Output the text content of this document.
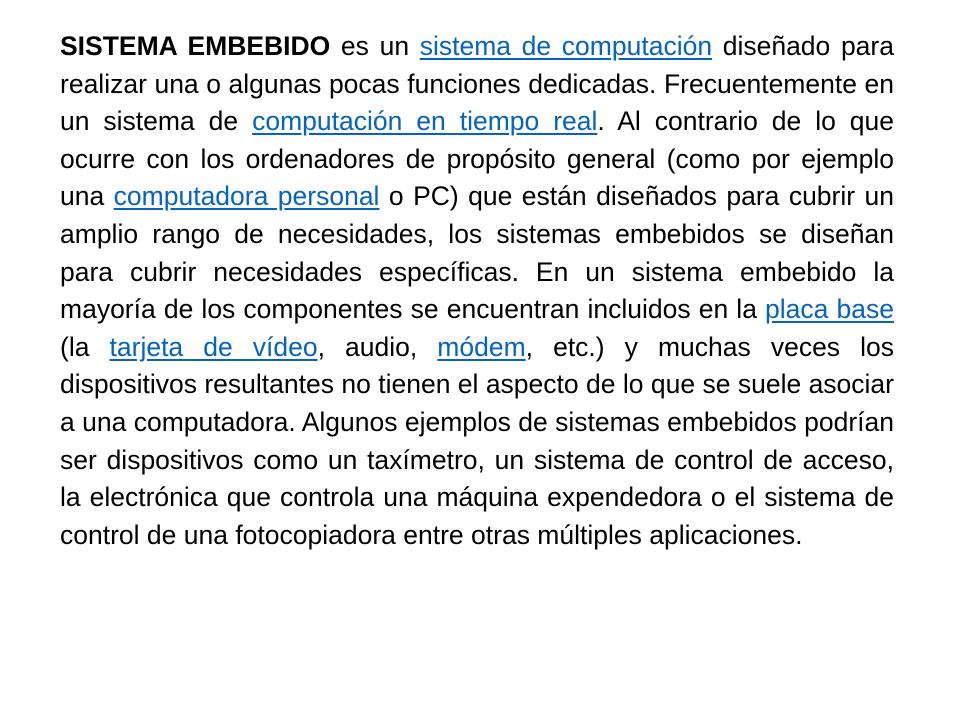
SISTEMA EMBEBIDO es un sistema de computación diseñado para realizar una o algunas pocas funciones dedicadas. Frecuentemente en un sistema de computación en tiempo real. Al contrario de lo que ocurre con los ordenadores de propósito general (como por ejemplo una computadora personal o PC) que están diseñados para cubrir un amplio rango de necesidades, los sistemas embebidos se diseñan para cubrir necesidades específicas. En un sistema embebido la mayoría de los componentes se encuentran incluidos en la placa base (la tarjeta de vídeo, audio, módem, etc.) y muchas veces los dispositivos resultantes no tienen el aspecto de lo que se suele asociar a una computadora. Algunos ejemplos de sistemas embebidos podrían ser dispositivos como un taxímetro, un sistema de control de acceso, la electrónica que controla una máquina expendedora o el sistema de control de una fotocopiadora entre otras múltiples aplicaciones.
